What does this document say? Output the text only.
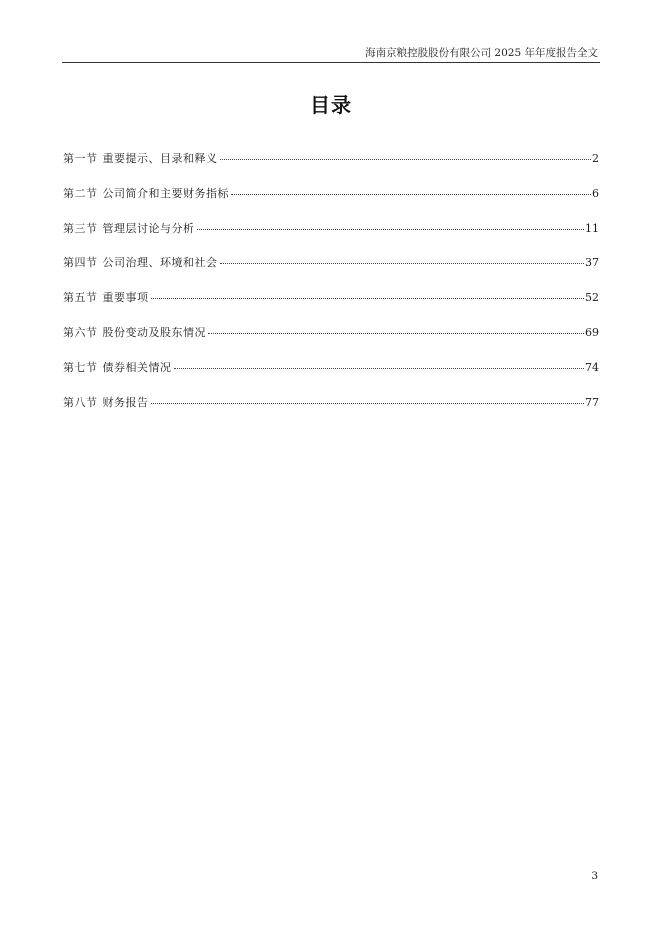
海南京粮控股股份有限公司 2025 年年度报告全文
目录
第一节 重要提示、目录和释义	2
第二节 公司简介和主要财务指标	6
第三节 管理层讨论与分析	11
第四节 公司治理、环境和社会	37
第五节 重要事项	52
第六节 股份变动及股东情况	69
第七节 债券相关情况	74
第八节 财务报告	77
3
